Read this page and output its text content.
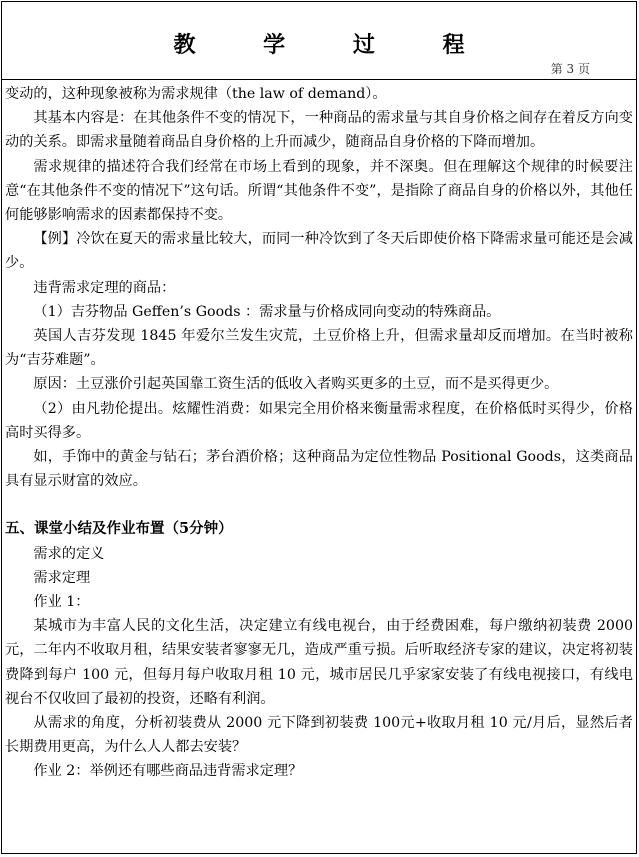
教 学 过 程
第 3 页

变动的，这种现象被称为需求规律（the law of demand）。

其基本内容是：在其他条件不变的情况下，一种商品的需求量与其自身价格之间存在着反方向变动的关系。即需求量随着商品自身价格的上升而减少，随商品自身价格的下降而增加。

需求规律的描述符合我们经常在市场上看到的现象，并不深奥。但在理解这个规律的时候要注意“在其他条件不变的情况下”这句话。所谓“其他条件不变”，是指除了商品自身的价格以外，其他任何能够影响需求的因素都保持不变。

【例】冷饮在夏天的需求量比较大，而同一种冷饮到了冬天后即使价格下降需求量可能还是会减少。

违背需求定理的商品：

（1）吉芬物品 Geffen’s Goods ：需求量与价格成同向变动的特殊商品。

英国人吉芬发现 1845 年爱尔兰发生灾荒，土豆价格上升，但需求量却反而增加。在当时被称为“吉芬难题”。

原因：土豆涨价引起英国靠工资生活的低收入者购买更多的土豆，而不是买得更少。

（2）由凡勃伦提出。炫耀性消费：如果完全用价格来衡量需求程度，在价格低时买得少，价格高时买得多。

如，手饰中的黄金与钻石；茅台酒价格；这种商品为定位性物品 Positional Goods，这类商品具有显示财富的效应。

五、课堂小结及作业布置（5分钟）

需求的定义

需求定理

作业 1：

某城市为丰富人民的文化生活，决定建立有线电视台，由于经费困难，每户缴纳初装费 2000 元，二年内不收取月租，结果安装者寥寥无几，造成严重亏损。后听取经济专家的建议，决定将初装费降到每户 100 元，但每月每户收取月租 10 元，城市居民几乎家家安装了有线电视接口，有线电视台不仅收回了最初的投资，还略有利润。

从需求的角度，分析初装费从 2000 元下降到初装费 100元+收取月租 10 元/月后，显然后者长期费用更高，为什么人人都去安装？

作业 2：举例还有哪些商品违背需求定理？
